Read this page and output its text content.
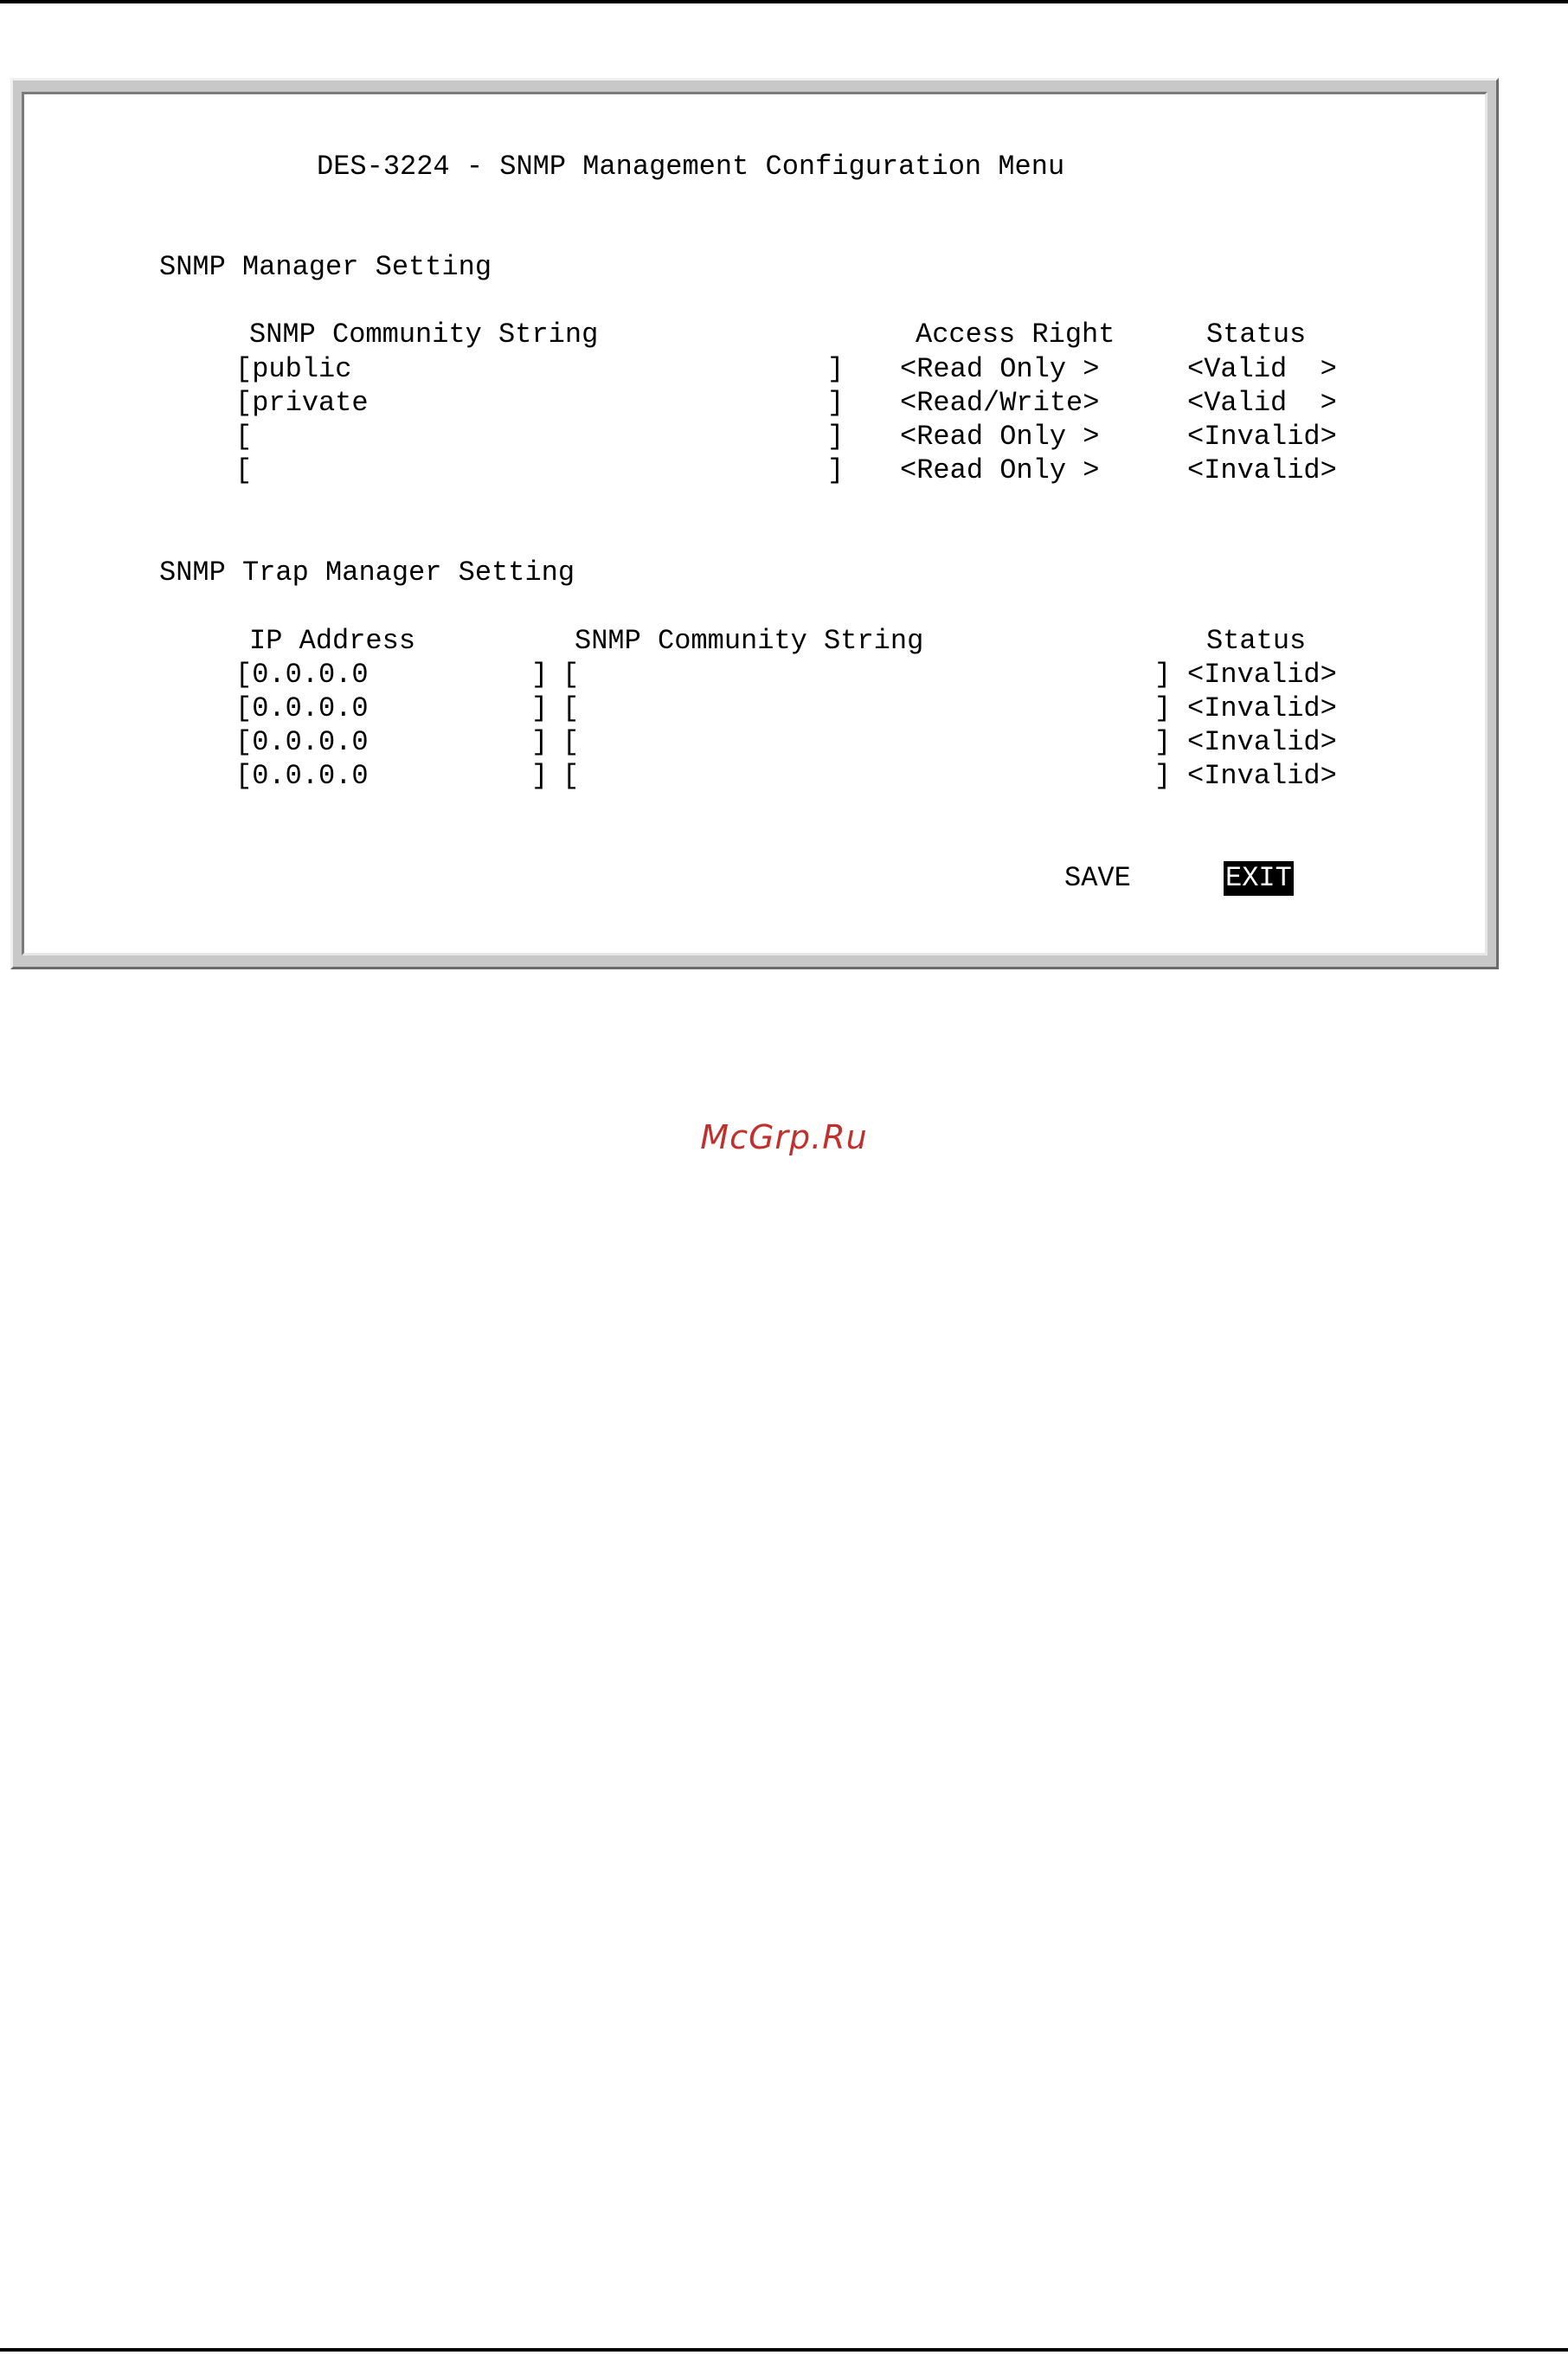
DES-3224 - SNMP Management Configuration Menu
SNMP Manager Setting
SNMP Community String	Access Right	Status
[public	] <Read Only >	<Valid  >
[private	] <Read/Write>	<Valid  >
[	] <Read Only >	<Invalid>
[	] <Read Only >	<Invalid>
SNMP Trap Manager Setting
IP Address	SNMP Community String	Status
[0.0.0.0	] [	] <Invalid>
[0.0.0.0	] [	] <Invalid>
[0.0.0.0	] [	] <Invalid>
[0.0.0.0	] [	] <Invalid>
SAVE	EXIT
McGrp.Ru
